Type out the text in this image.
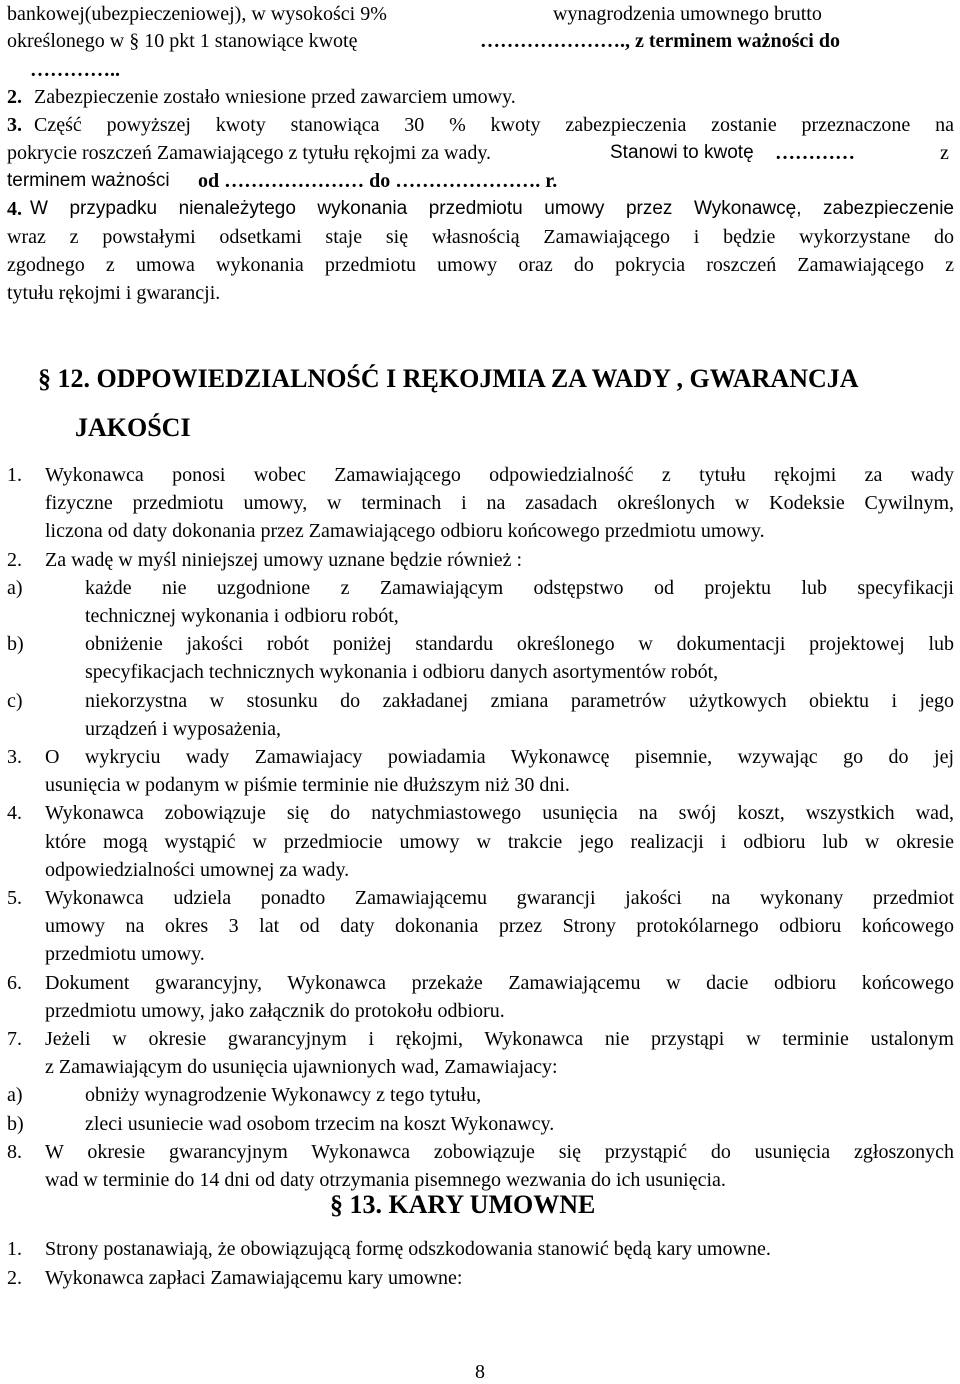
bankowej(ubezpieczeniowej), w wysokości 9%	wynagrodzenia umownego brutto
określonego w § 10 pkt 1 stanowiące kwotę	…………………., z terminem ważności do
…………..
2. Zabezpieczenie zostało wniesione przed zawarciem umowy.
3. Część powyższej kwoty stanowiąca 30 % kwoty zabezpieczenia zostanie przeznaczone na
pokrycie roszczeń Zamawiającego z tytułu rękojmi za wady.	Stanowi to kwotę …………	z
terminem ważności od ………………… do …………………. r.
4. W przypadku nienależytego wykonania przedmiotu umowy przez Wykonawcę, zabezpieczenie
wraz z powstałymi odsetkami staje się własnością Zamawiającego i będzie wykorzystane do
zgodnego z umowa wykonania przedmiotu umowy oraz do pokrycia roszczeń Zamawiającego z
tytułu rękojmi i gwarancji.
§ 12. ODPOWIEDZIALNOŚĆ I RĘKOJMIA ZA WADY , GWARANCJA
JAKOŚCI
1. Wykonawca ponosi wobec Zamawiającego odpowiedzialność z tytułu rękojmi za wady
fizyczne przedmiotu umowy, w terminach i na zasadach określonych w Kodeksie Cywilnym,
liczona od daty dokonania przez Zamawiającego odbioru końcowego przedmiotu umowy.
2. Za wadę w myśl niniejszej umowy uznane będzie również :
a)	każde nie uzgodnione z Zamawiającym odstępstwo od projektu lub specyfikacji
technicznej wykonania i odbioru robót,
b)	obniżenie jakości robót poniżej standardu określonego w dokumentacji projektowej lub
specyfikacjach technicznych wykonania i odbioru danych asortymentów robót,
c)	niekorzystna w stosunku do zakładanej zmiana parametrów użytkowych obiektu i jego
urządzeń i wyposażenia,
3. O wykryciu wady Zamawiajacy powiadamia Wykonawcę pisemnie, wzywając go do jej
usunięcia w podanym w piśmie terminie nie dłuższym niż 30 dni.
4. Wykonawca zobowiązuje się do natychmiastowego usunięcia na swój koszt, wszystkich wad,
które mogą wystąpić w przedmiocie umowy w trakcie jego realizacji i odbioru lub w okresie
odpowiedzialności umownej za wady.
5. Wykonawca udziela ponadto Zamawiającemu gwarancji jakości na wykonany przedmiot
umowy na okres 3 lat od daty dokonania przez Strony protokólarnego odbioru końcowego
przedmiotu umowy.
6. Dokument gwarancyjny, Wykonawca przekaże Zamawiającemu w dacie odbioru końcowego
przedmiotu umowy, jako załącznik do protokołu odbioru.
7. Jeżeli w okresie gwarancyjnym i rękojmi, Wykonawca nie przystąpi w terminie ustalonym
z Zamawiającym do usunięcia ujawnionych wad, Zamawiajacy:
a)	obniży wynagrodzenie Wykonawcy z tego tytułu,
b)	zleci usuniecie wad osobom trzecim na koszt Wykonawcy.
8. W okresie gwarancyjnym Wykonawca zobowiązuje się przystąpić do usunięcia zgłoszonych
wad w terminie do 14 dni od daty otrzymania pisemnego wezwania do ich usunięcia.
§ 13. KARY UMOWNE
1. Strony postanawiają, że obowiązującą formę odszkodowania stanowić będą kary umowne.
2. Wykonawca zapłaci Zamawiającemu kary umowne:
8
